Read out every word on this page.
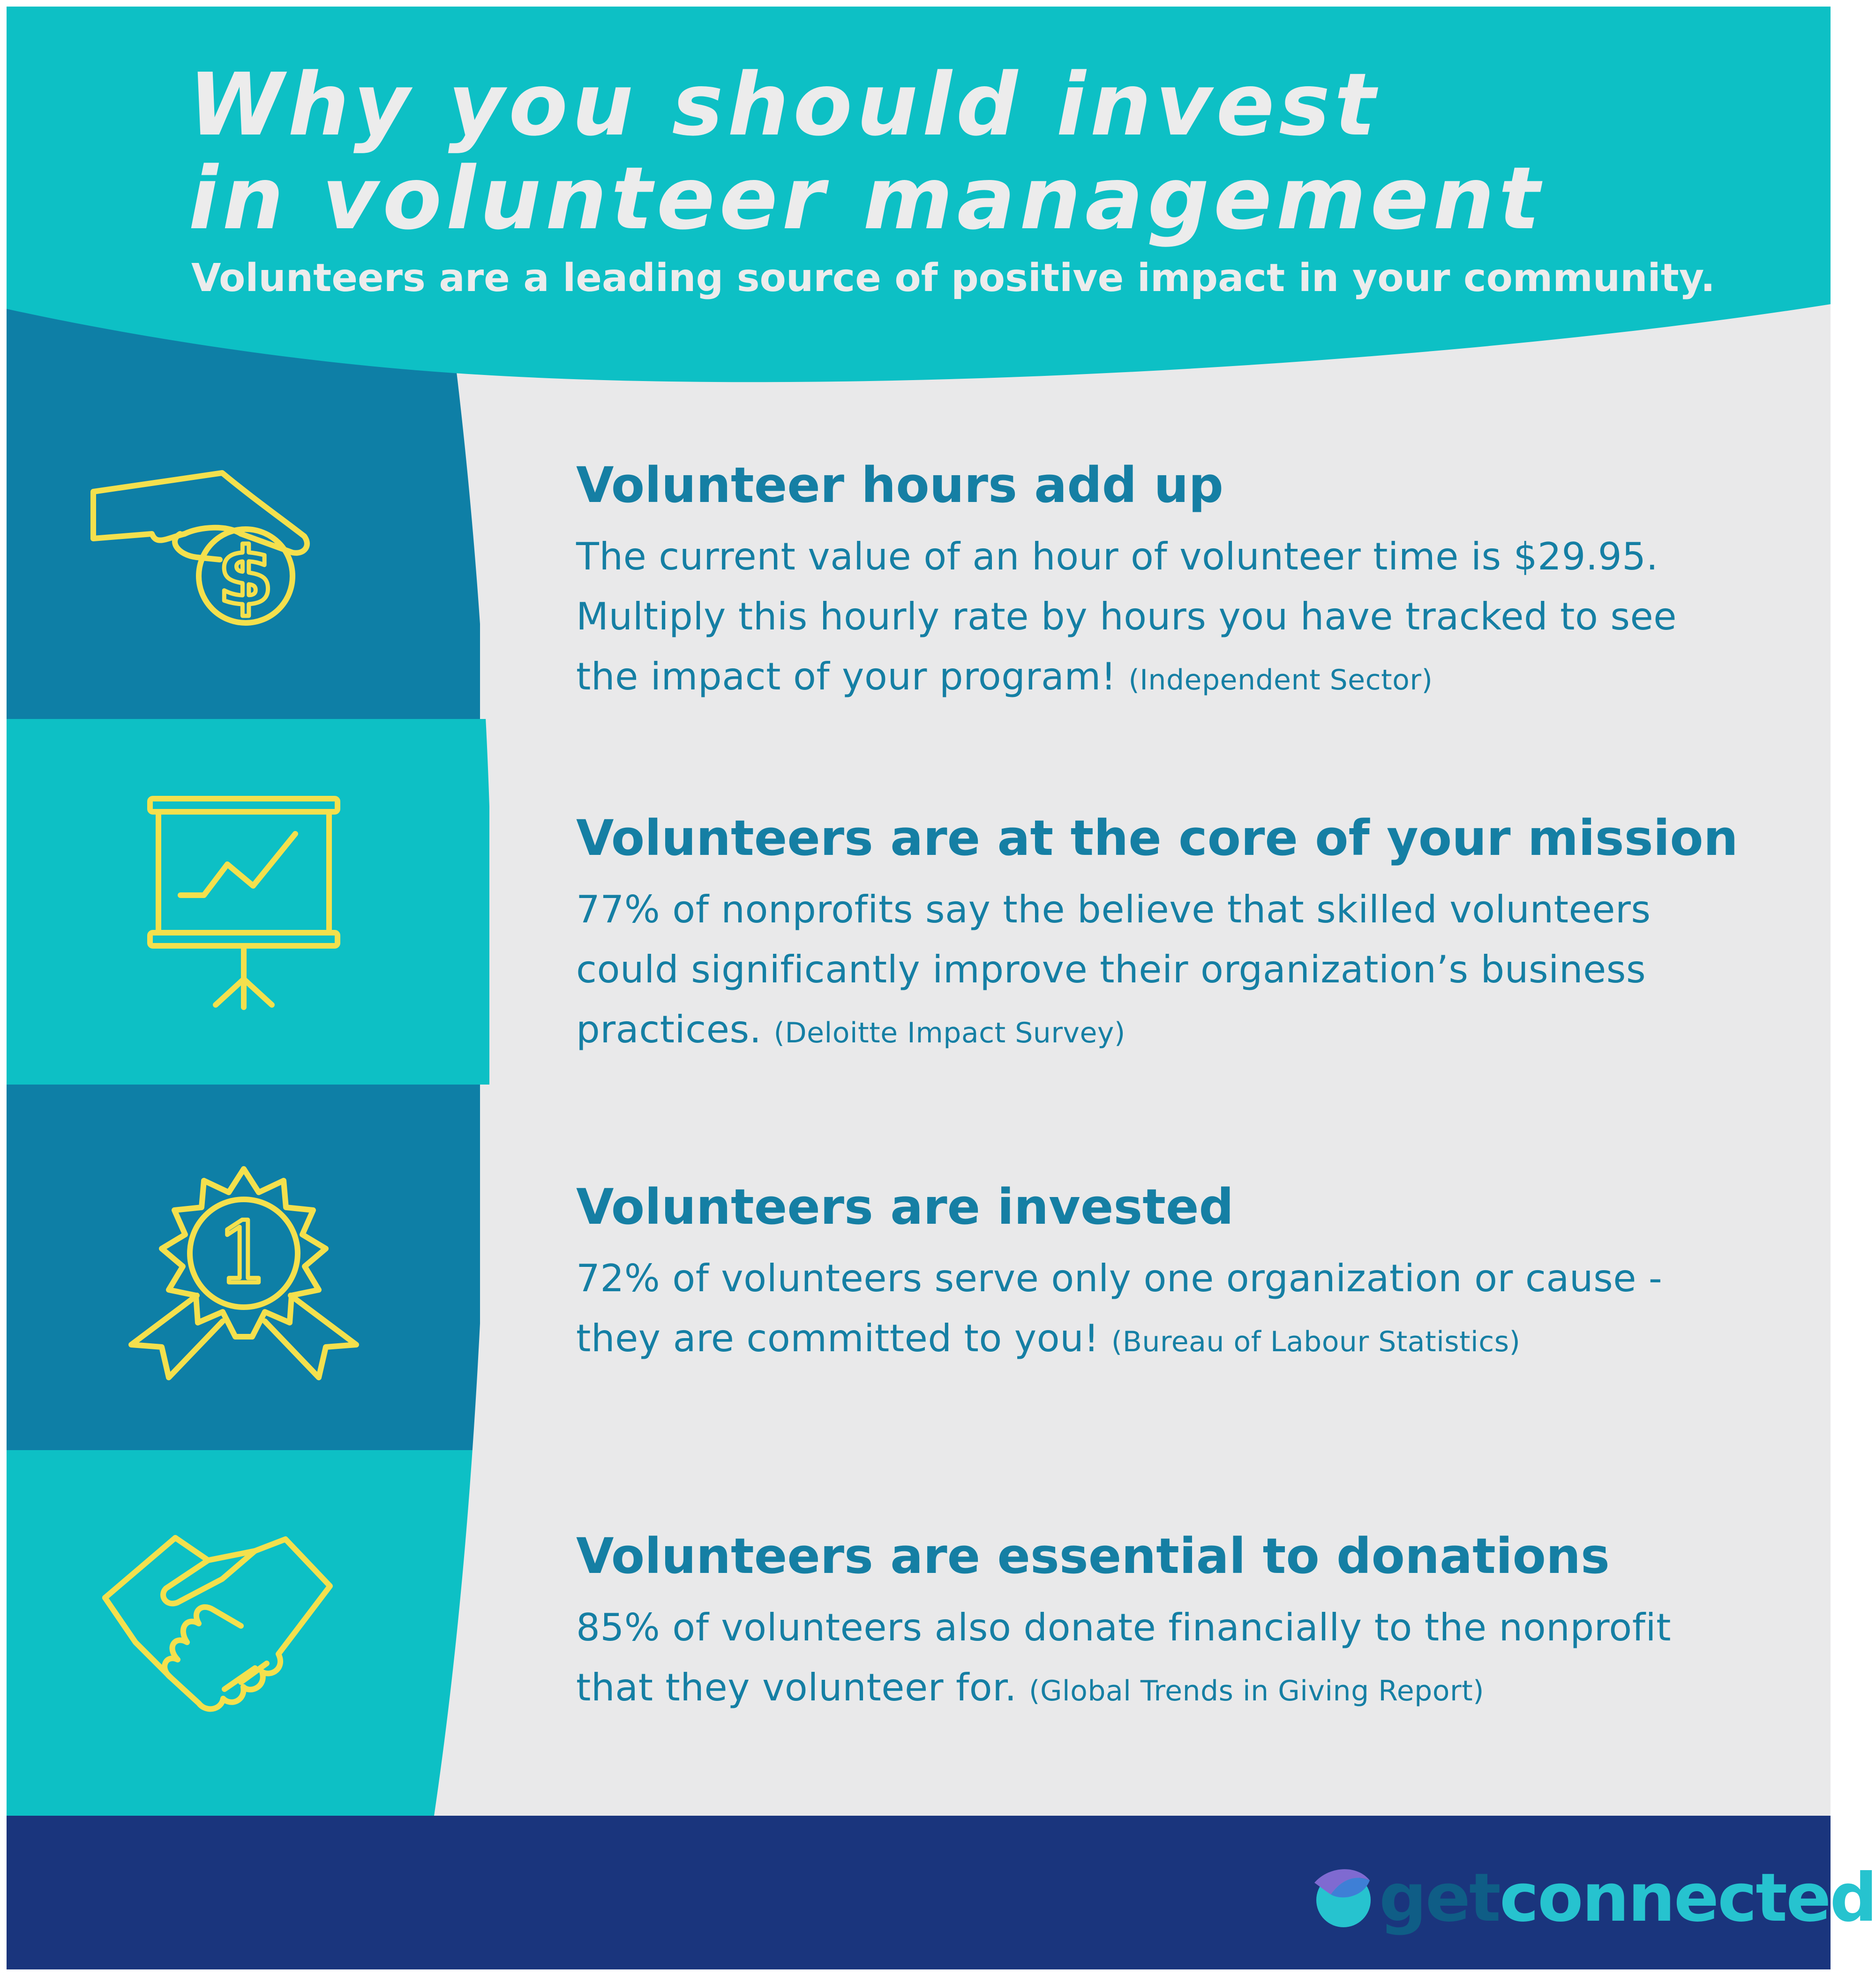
Why you should invest
in volunteer management

Volunteers are a leading source of positive impact in your community.

$
1
Volunteer hours add up

The current value of an hour of volunteer time is $29.95.
Multiply this hourly rate by hours you have tracked to see
the impact of your program! (Independent Sector)

Volunteers are at the core of your mission

77% of nonprofits say the believe that skilled volunteers
could significantly improve their organization’s business
practices. (Deloitte Impact Survey)

Volunteers are invested

72% of volunteers serve only one organization or cause -
they are committed to you! (Bureau of Labour Statistics)

Volunteers are essential to donations

85% of volunteers also donate financially to the nonprofit
that they volunteer for. (Global Trends in Giving Report)

getconnected
